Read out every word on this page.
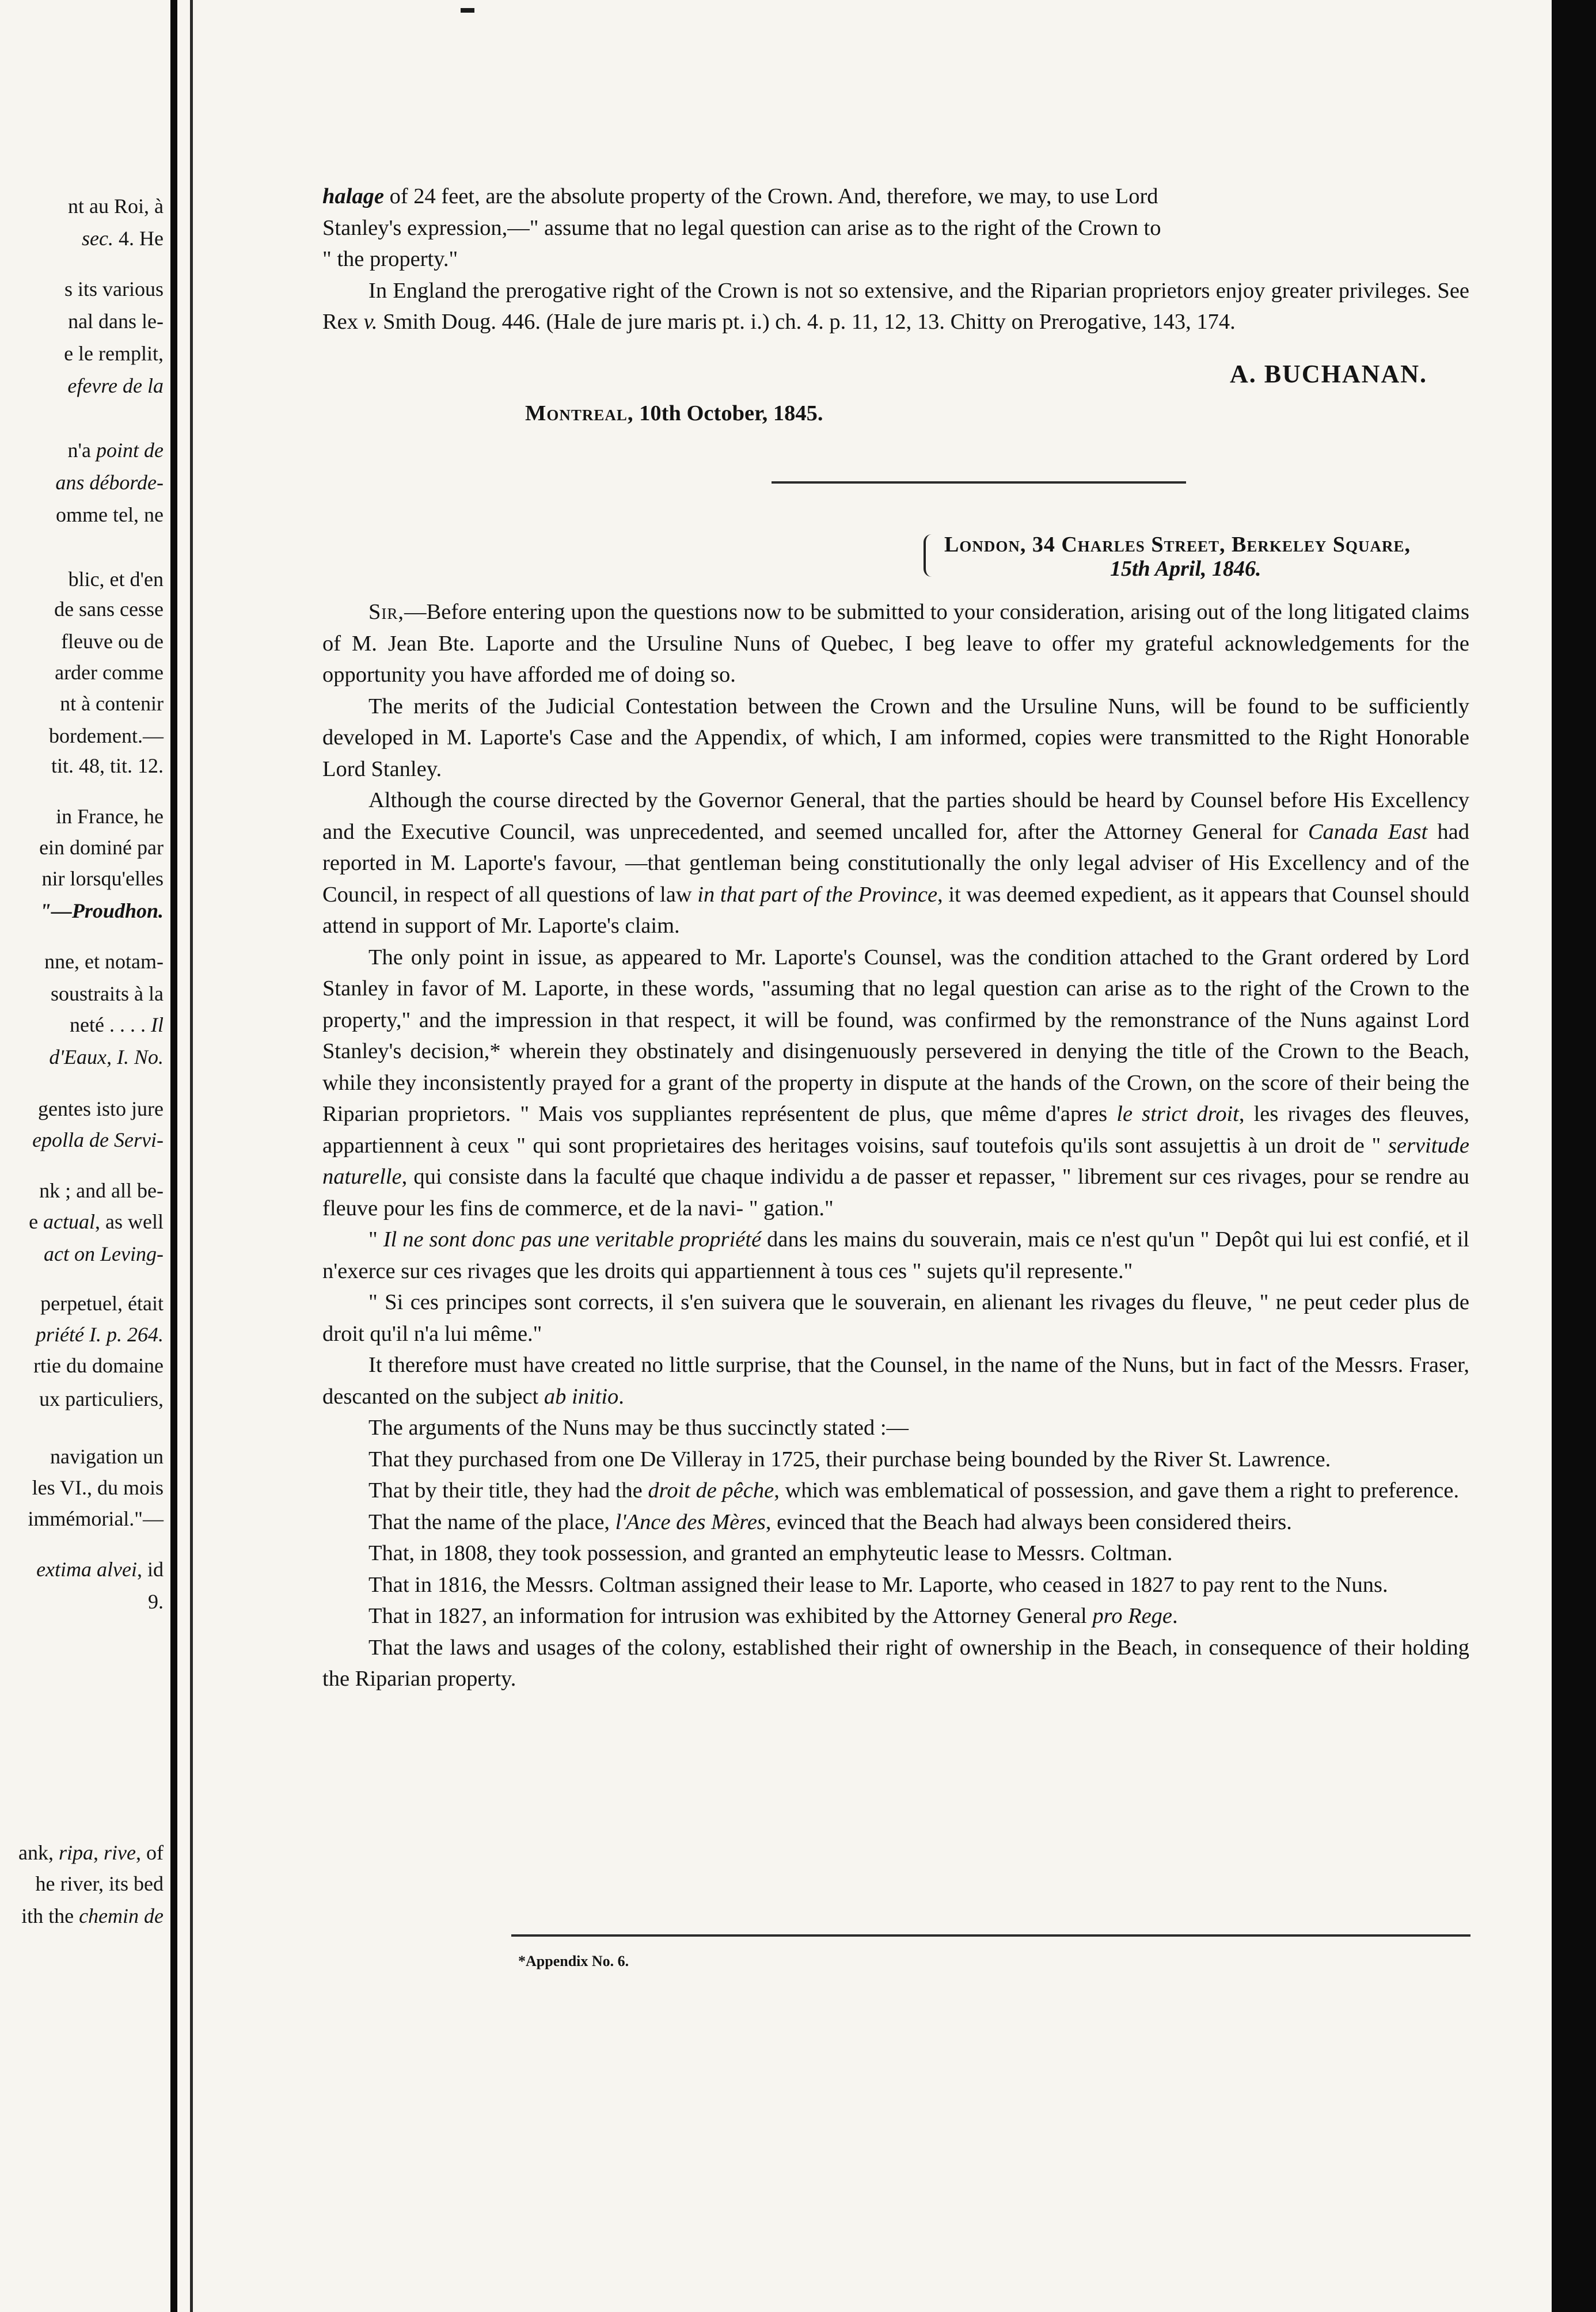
nt au Roi, à
sec. 4. He
s its various
nal dans le-
e le remplit,
efevre de la
n'a point de
ans déborde-
omme tel, ne
blic, et d'en
de sans cesse
fleuve ou de
arder comme
nt à contenir
bordement.—
tit. 48, tit. 12.
in France, he
ein dominé par
nir lorsqu'elles
"—Proudhon.
nne, et notam-
soustraits à la
neté . . . . Il
d'Eaux, I. No.
gentes isto jure
epolla de Servi-
nk ; and all be-
e actual, as well
act on Leving-
perpetuel, était
priété I. p. 264.
rtie du domaine
ux particuliers,
navigation un
les VI., du mois
immémorial."—
extima alvei, id
9.
ank, ripa, rive, of
he river, its bed
ith the chemin de

halage of 24 feet, are the absolute property of the Crown. And, therefore, we may, to use Lord

Stanley's expression,—" assume that no legal question can arise as to the right of the Crown to

" the property."

In England the prerogative right of the Crown is not so extensive, and the Riparian proprietors enjoy greater privileges. See Rex v. Smith Doug. 446. (Hale de jure maris pt. i.) ch. 4. p. 11, 12, 13. Chitty on Prerogative, 143, 174.

A. BUCHANAN.
Montreal, 10th October, 1845.
London, 34 Charles Street, Berkeley Square,
15th April, 1846.

Sir,—Before entering upon the questions now to be submitted to your consideration, arising out of the long litigated claims of M. Jean Bte. Laporte and the Ursuline Nuns of Quebec, I beg leave to offer my grateful acknowledgements for the opportunity you have afforded me of doing so.

The merits of the Judicial Contestation between the Crown and the Ursuline Nuns, will be found to be sufficiently developed in M. Laporte's Case and the Appendix, of which, I am informed, copies were transmitted to the Right Honorable Lord Stanley.

Although the course directed by the Governor General, that the parties should be heard by Counsel before His Excellency and the Executive Council, was unprecedented, and seemed uncalled for, after the Attorney General for Canada East had reported in M. Laporte's favour, —that gentleman being constitutionally the only legal adviser of His Excellency and of the Council, in respect of all questions of law in that part of the Province, it was deemed expedient, as it appears that Counsel should attend in support of Mr. Laporte's claim.

The only point in issue, as appeared to Mr. Laporte's Counsel, was the condition attached to the Grant ordered by Lord Stanley in favor of M. Laporte, in these words, "assuming that no legal question can arise as to the right of the Crown to the property," and the impression in that respect, it will be found, was confirmed by the remonstrance of the Nuns against Lord Stanley's decision,* wherein they obstinately and disingenuously persevered in denying the title of the Crown to the Beach, while they inconsistently prayed for a grant of the property in dispute at the hands of the Crown, on the score of their being the Riparian proprietors. " Mais vos suppliantes représentent de plus, que même d'apres le strict droit, les rivages des fleuves, appartiennent à ceux " qui sont proprietaires des heritages voisins, sauf toutefois qu'ils sont assujettis à un droit de " servitude naturelle, qui consiste dans la faculté que chaque individu a de passer et repasser, " librement sur ces rivages, pour se rendre au fleuve pour les fins de commerce, et de la navi- " gation."

" Il ne sont donc pas une veritable propriété dans les mains du souverain, mais ce n'est qu'un " Depôt qui lui est confié, et il n'exerce sur ces rivages que les droits qui appartiennent à tous ces " sujets qu'il represente."

" Si ces principes sont corrects, il s'en suivera que le souverain, en alienant les rivages du fleuve, " ne peut ceder plus de droit qu'il n'a lui même."

It therefore must have created no little surprise, that the Counsel, in the name of the Nuns, but in fact of the Messrs. Fraser, descanted on the subject ab initio.

The arguments of the Nuns may be thus succinctly stated :—

That they purchased from one De Villeray in 1725, their purchase being bounded by the River St. Lawrence.

That by their title, they had the droit de pêche, which was emblematical of possession, and gave them a right to preference.

That the name of the place, l'Ance des Mères, evinced that the Beach had always been considered theirs.

That, in 1808, they took possession, and granted an emphyteutic lease to Messrs. Coltman.

That in 1816, the Messrs. Coltman assigned their lease to Mr. Laporte, who ceased in 1827 to pay rent to the Nuns.

That in 1827, an information for intrusion was exhibited by the Attorney General pro Rege.

That the laws and usages of the colony, established their right of ownership in the Beach, in consequence of their holding the Riparian property.

*Appendix No. 6.
